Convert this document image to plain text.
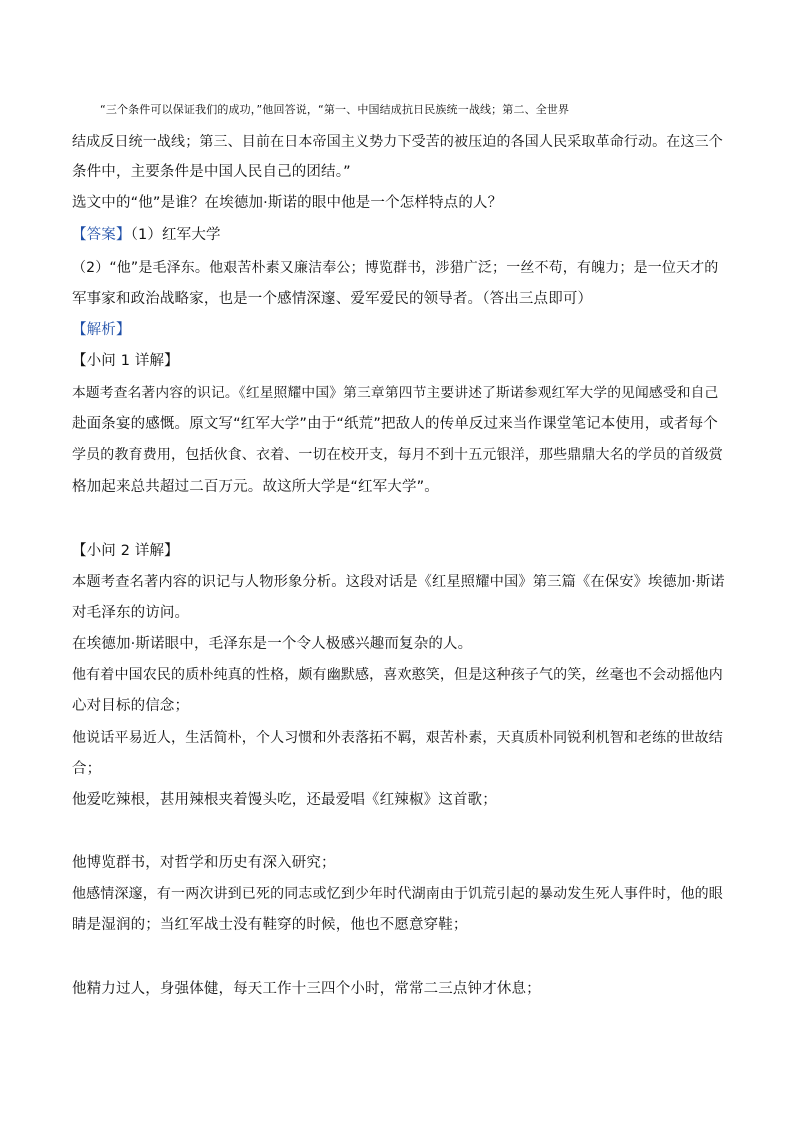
“三个条件可以保证我们的成功，”他回答说，“第一、中国结成抗日民族统一战线；第二、全世界
结成反日统一战线；第三、目前在日本帝国主义势力下受苦的被压迫的各国人民采取革命行动。在这三个
条件中，主要条件是中国人民自己的团结。”
选文中的“他”是谁？在埃德加·斯诺的眼中他是一个怎样特点的人？
【答案】（1）红军大学
（2）“他”是毛泽东。他艰苦朴素又廉洁奉公；博览群书，涉猎广泛；一丝不苟，有魄力；是一位天才的
军事家和政治战略家，也是一个感情深邃、爱军爱民的领导者。（答出三点即可）
【解析】
【小问 1 详解】
本题考查名著内容的识记。《红星照耀中国》第三章第四节主要讲述了斯诺参观红军大学的见闻感受和自己
赴面条宴的感慨。原文写“红军大学”由于“纸荒”把敌人的传单反过来当作课堂笔记本使用，或者每个
学员的教育费用，包括伙食、衣着、一切在校开支，每月不到十五元银洋，那些鼎鼎大名的学员的首级赏
格加起来总共超过二百万元。故这所大学是“红军大学”。
【小问 2 详解】
本题考查名著内容的识记与人物形象分析。这段对话是《红星照耀中国》第三篇《在保安》埃德加·斯诺
对毛泽东的访问。
在埃德加·斯诺眼中，毛泽东是一个令人极感兴趣而复杂的人。
他有着中国农民的质朴纯真的性格，颇有幽默感，喜欢憨笑，但是这种孩子气的笑，丝毫也不会动摇他内
心对目标的信念；
他说话平易近人，生活简朴，个人习惯和外表落拓不羁，艰苦朴素，天真质朴同锐利机智和老练的世故结
合；
他爱吃辣根，甚用辣根夹着馒头吃，还最爱唱《红辣椒》这首歌；
他博览群书，对哲学和历史有深入研究；
他感情深邃，有一两次讲到已死的同志或忆到少年时代湖南由于饥荒引起的暴动发生死人事件时，他的眼
睛是湿润的；当红军战士没有鞋穿的时候，他也不愿意穿鞋；
他精力过人，身强体健，每天工作十三四个小时，常常二三点钟才休息；
